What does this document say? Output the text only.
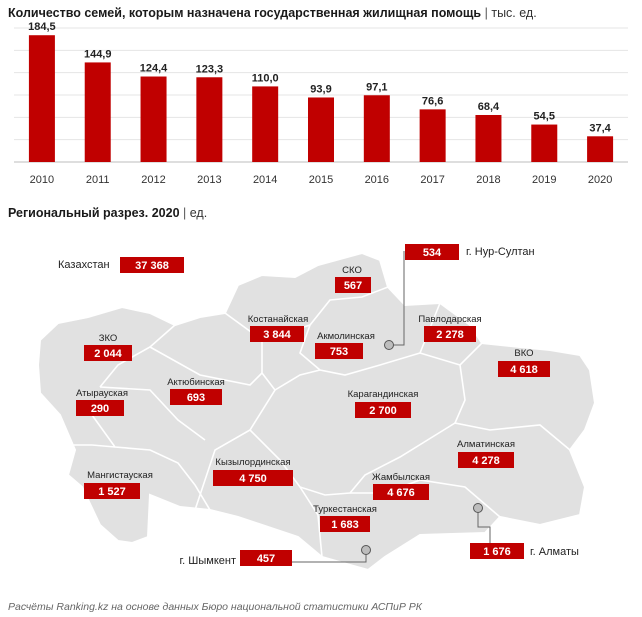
Количество семей, которым назначена государственная жилищная помощь | тыс. ед.
184,5
2010
144,9
2011
124,4
2012
123,3
2013
110,0
2014
93,9
2015
97,1
2016
76,6
2017
68,4
2018
54,5
2019
37,4
2020
Региональный разрез. 2020 | ед.
Казахстан 37 368	СКО
567
г. Нур-Султан
534
Костанайская
3 844	Акмолинская
753
Павлодарская
2 278
ЗКО
2 044	ВКО
4 618
Актюбинская
693
Атырауская
290
Карагандинская
2 700
Алматинская
4 278
Кызылординская
4 750
Мангистауская
1 527
Жамбылская
4 676
Туркестанская
1 683
г. Шымкент 457
г. Алматы
1 676
Расчёты Ranking.kz на основе данных Бюро национальной статистики АСПиР РК
